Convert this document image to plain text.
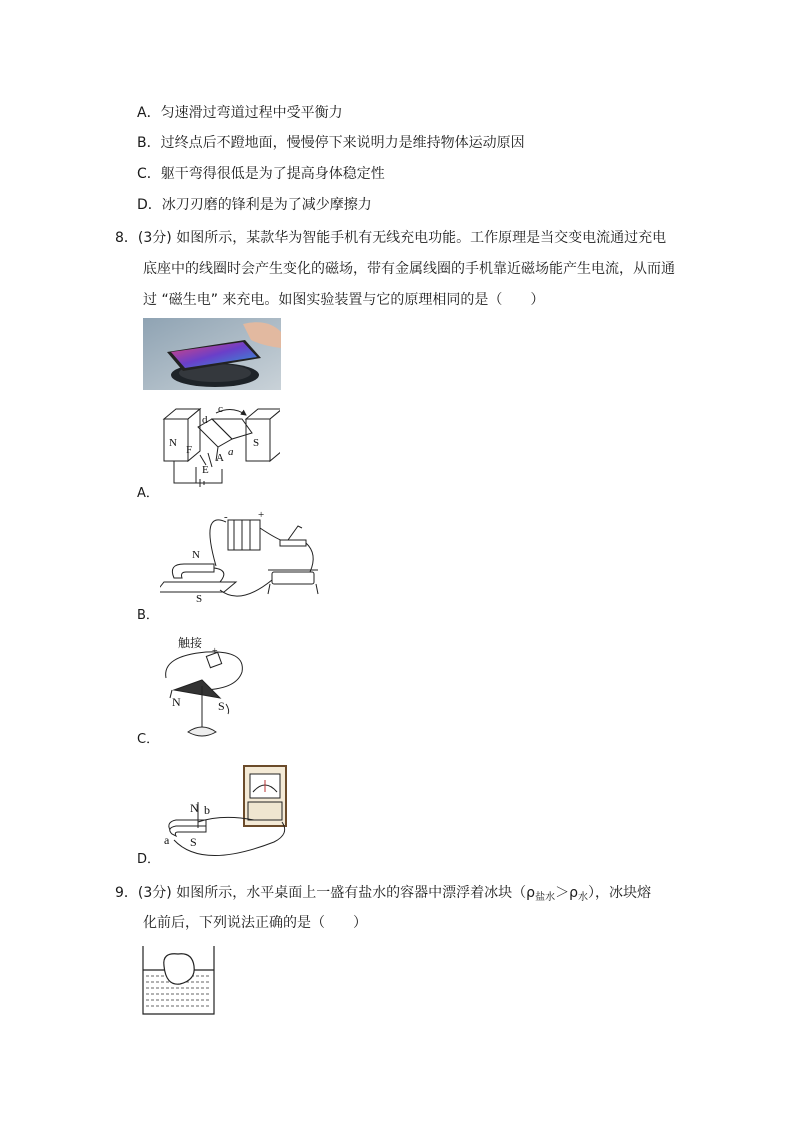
A．匀速滑过弯道过程中受平衡力
B．过终点后不蹬地面，慢慢停下来说明力是维持物体运动原因
C．躯干弯得很低是为了提高身体稳定性
D．冰刀刃磨的锋利是为了减少摩擦力
8．(3分) 如图所示，某款华为智能手机有无线充电功能。工作原理是当交变电流通过充电
底座中的线圈时会产生变化的磁场，带有金属线圈的手机靠近磁场能产生电流，从而通
过 “磁生电” 来充电。如图实验装置与它的原理相同的是（　　）
N	S
c
d
F
A
E
a
A．
N
S
-	+
B．
触接
+
N	S
C．
N b
a S
D．
9．(3分) 如图所示，水平桌面上一盛有盐水的容器中漂浮着冰块$(\rho_{盐水}>\rho_水)$，冰块熔
化前后，下列说法正确的是（　　）
